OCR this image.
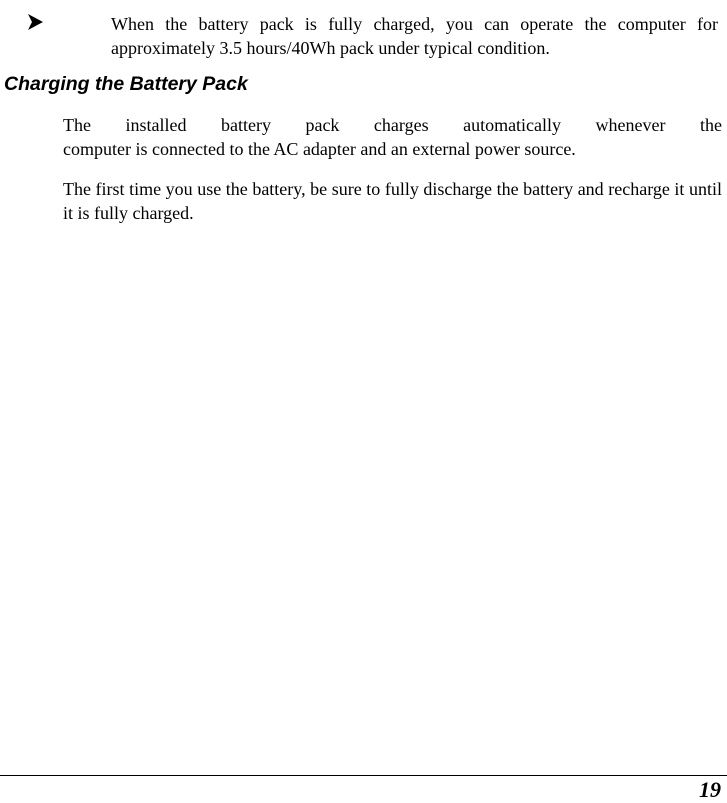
When the battery pack is fully charged, you can operate the computer for approximately 3.5 hours/40Wh pack under typical condition.
Charging the Battery Pack
The installed battery pack charges automatically whenever the
computer is connected to the AC adapter and an external power source.

The first time you use the battery, be sure to fully discharge the battery and recharge it until it is fully charged.

19
